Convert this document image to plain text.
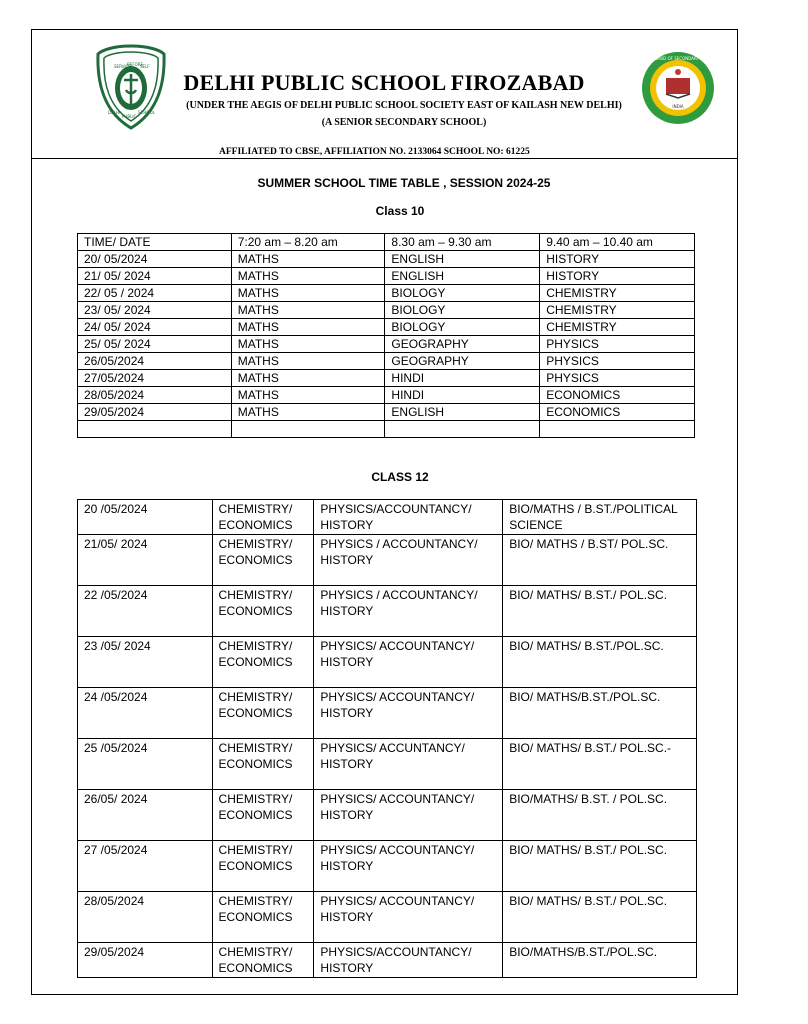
SERVICE
BEFORE
SELF
DELHI
PUBLIC
SCHOOL
CENTRAL BOARD OF SECONDARY EDUCATION
INDIA
DELHI PUBLIC SCHOOL FIROZABAD
(UNDER THE AEGIS OF DELHI PUBLIC SCHOOL SOCIETY EAST OF KAILASH NEW DELHI)
(A SENIOR SECONDARY SCHOOL)
AFFILIATED TO CBSE, AFFILIATION NO. 2133064 SCHOOL NO: 61225
SUMMER SCHOOL TIME TABLE , SESSION 2024-25
Class 10
TIME/ DATE	7:20 am – 8.20 am	8.30 am – 9.30 am	9.40 am – 10.40 am
20/ 05/2024	MATHS	ENGLISH	HISTORY
21/ 05/ 2024	MATHS	ENGLISH	HISTORY
22/ 05 / 2024	MATHS	BIOLOGY	CHEMISTRY
23/ 05/ 2024	MATHS	BIOLOGY	CHEMISTRY
24/ 05/ 2024	MATHS	BIOLOGY	CHEMISTRY
25/ 05/ 2024	MATHS	GEOGRAPHY	PHYSICS
26/05/2024	MATHS	GEOGRAPHY	PHYSICS
27/05/2024	MATHS	HINDI	PHYSICS
28/05/2024	MATHS	HINDI	ECONOMICS
29/05/2024	MATHS	ENGLISH	ECONOMICS

CLASS 12
20 /05/2024	CHEMISTRY/ ECONOMICS	PHYSICS/ACCOUNTANCY/ HISTORY	BIO/MATHS / B.ST./POLITICAL SCIENCE
21/05/ 2024	CHEMISTRY/ ECONOMICS	PHYSICS / ACCOUNTANCY/ HISTORY	BIO/ MATHS / B.ST/ POL.SC.
22 /05/2024	CHEMISTRY/ ECONOMICS	PHYSICS / ACCOUNTANCY/ HISTORY	BIO/ MATHS/ B.ST./ POL.SC.
23 /05/ 2024	CHEMISTRY/ ECONOMICS	PHYSICS/ ACCOUNTANCY/ HISTORY	BIO/ MATHS/ B.ST./POL.SC.
24 /05/2024	CHEMISTRY/ ECONOMICS	PHYSICS/ ACCOUNTANCY/ HISTORY	BIO/ MATHS/B.ST./POL.SC.
25 /05/2024	CHEMISTRY/ ECONOMICS	PHYSICS/ ACCUNTANCY/ HISTORY	BIO/ MATHS/ B.ST./ POL.SC.-
26/05/ 2024	CHEMISTRY/ ECONOMICS	PHYSICS/ ACCOUNTANCY/ HISTORY	BIO/MATHS/ B.ST. / POL.SC.
27 /05/2024	CHEMISTRY/ ECONOMICS	PHYSICS/ ACCOUNTANCY/ HISTORY	BIO/ MATHS/ B.ST./ POL.SC.
28/05/2024	CHEMISTRY/ ECONOMICS	PHYSICS/ ACCOUNTANCY/ HISTORY	BIO/ MATHS/ B.ST./ POL.SC.
29/05/2024	CHEMISTRY/ ECONOMICS	PHYSICS/ACCOUNTANCY/ HISTORY	BIO/MATHS/B.ST./POL.SC.
